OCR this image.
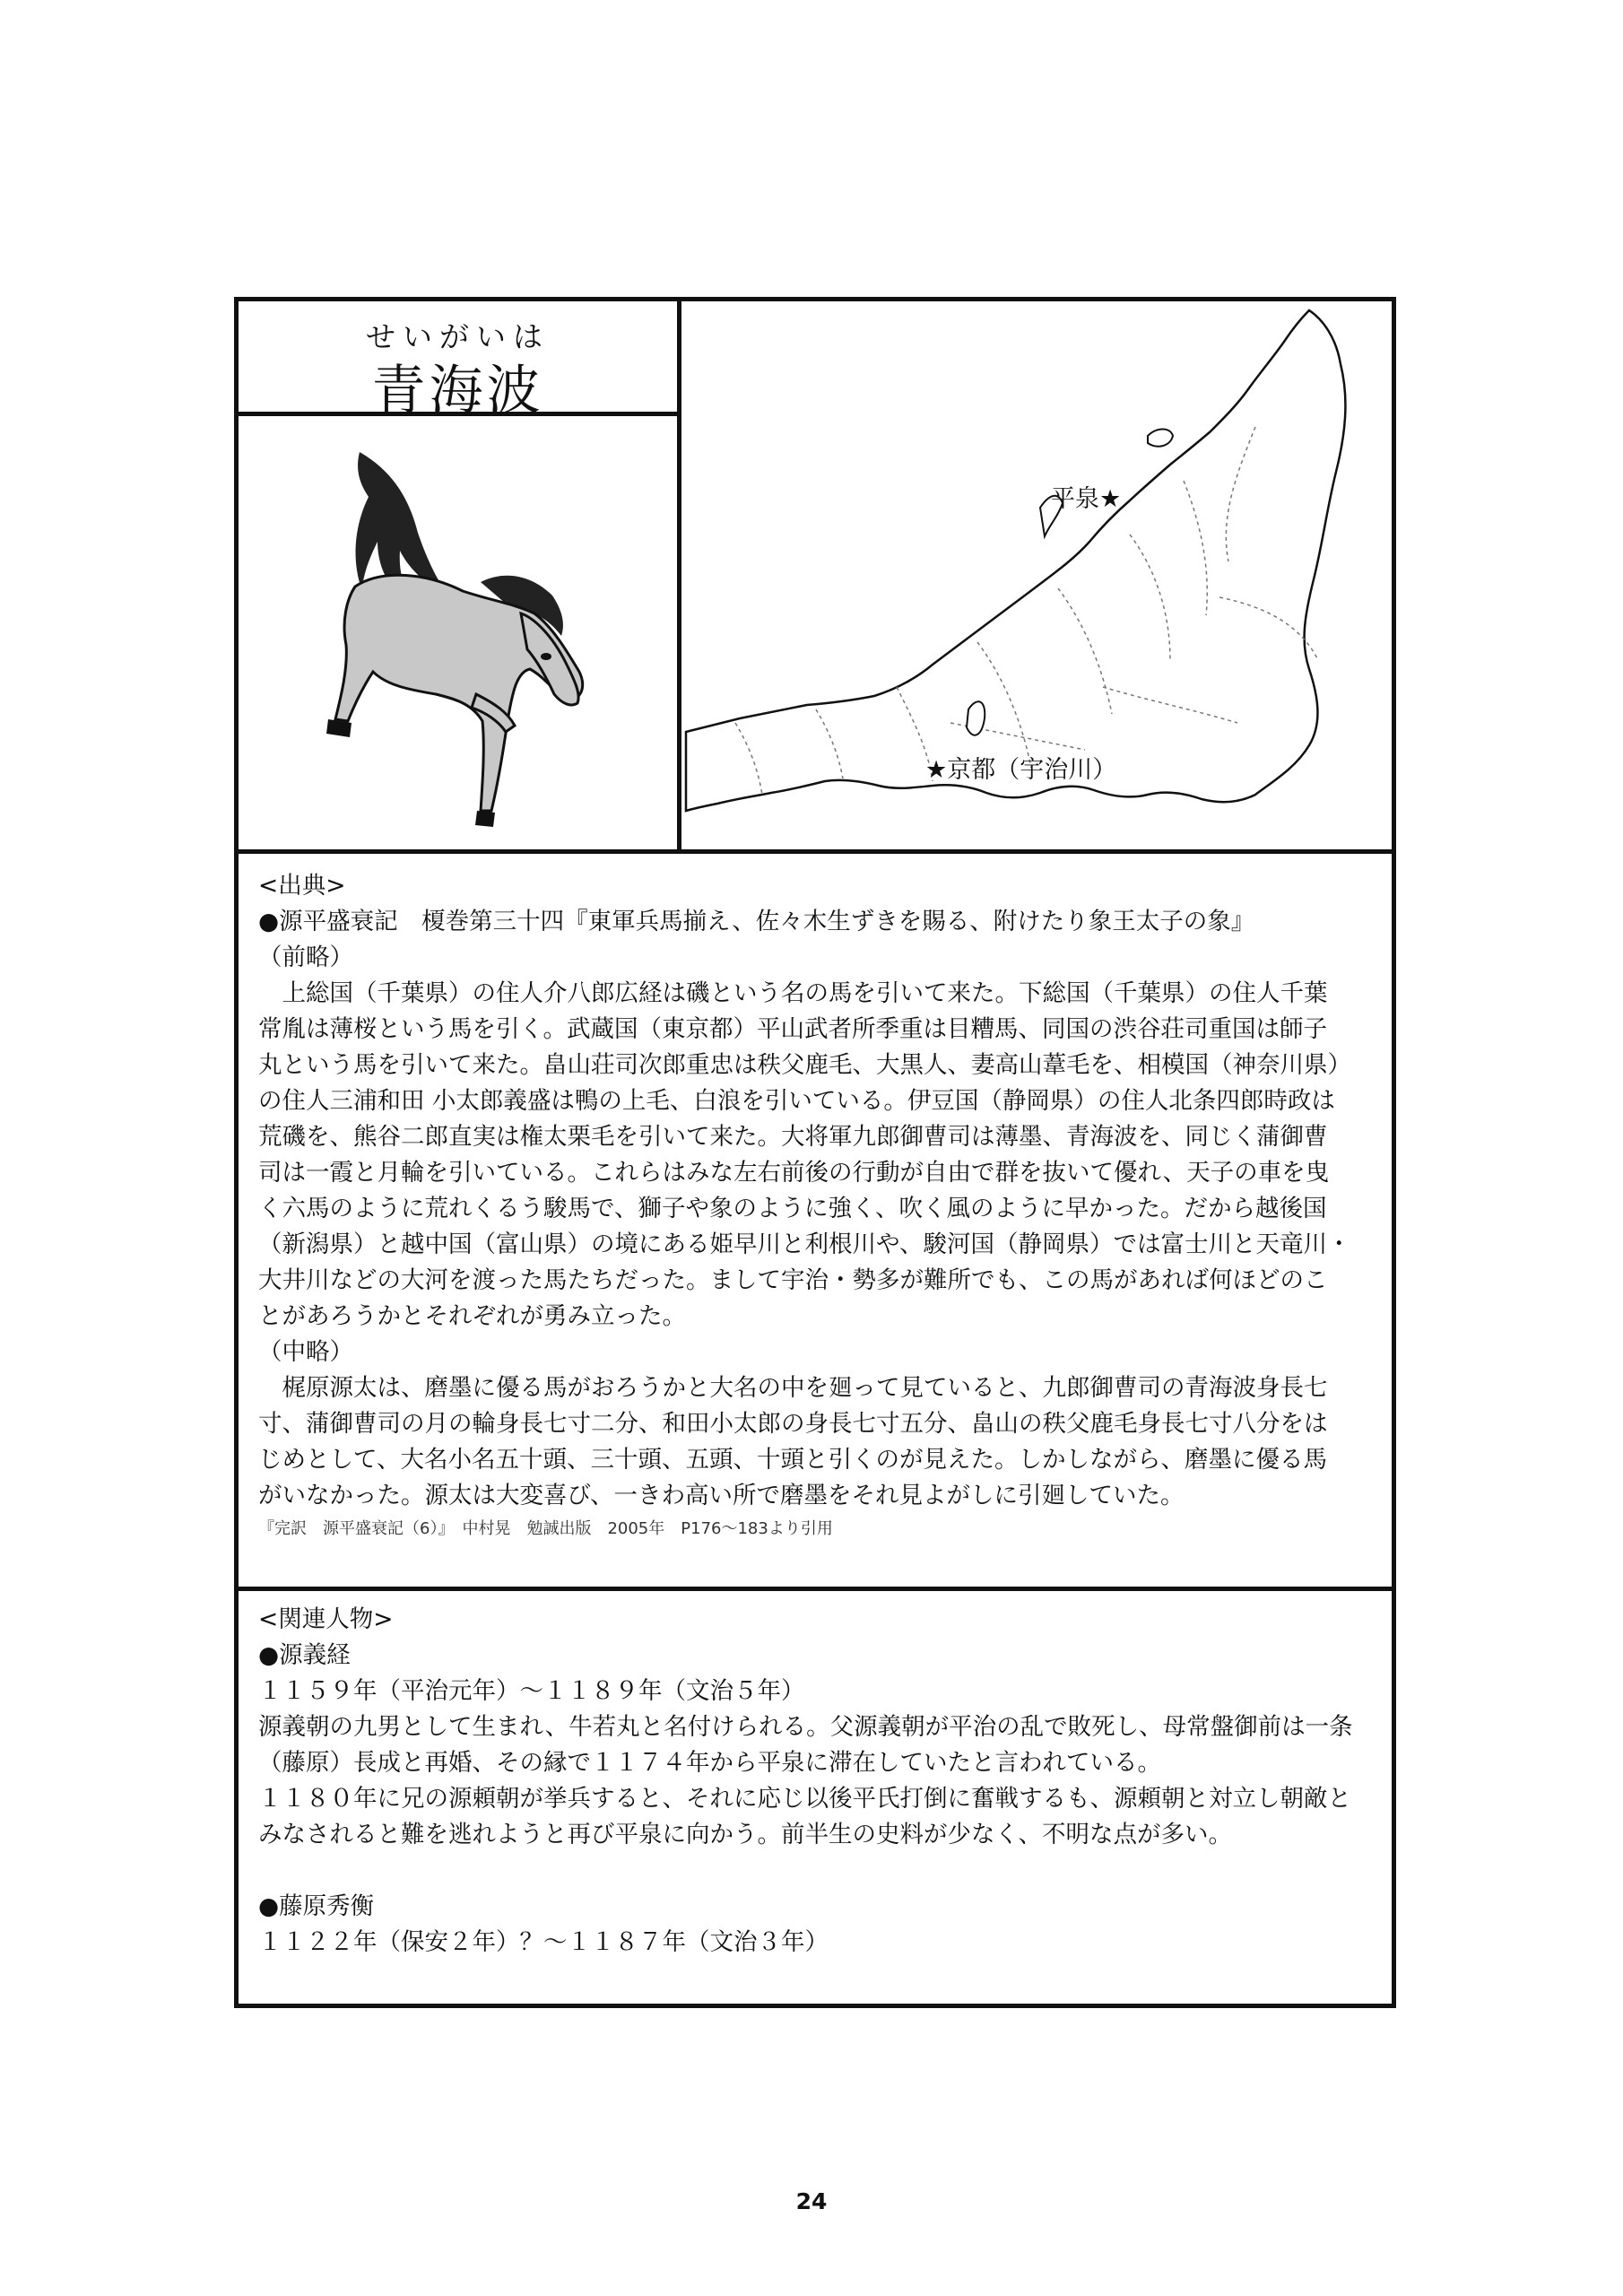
せいがいは
青海波
平泉★
★京都（宇治川）
<出典>
●源平盛衰記　榎巻第三十四『東軍兵馬揃え、佐々木生ずきを賜る、附けたり象王太子の象』
（前略）
　上総国（千葉県）の住人介八郎広経は磯という名の馬を引いて来た。下総国（千葉県）の住人千葉
常胤は薄桜という馬を引く。武蔵国（東京都）平山武者所季重は目糟馬、同国の渋谷荘司重国は師子
丸という馬を引いて来た。畠山荘司次郎重忠は秩父鹿毛、大黒人、妻高山葦毛を、相模国（神奈川県）
の住人三浦和田 小太郎義盛は鴨の上毛、白浪を引いている。伊豆国（静岡県）の住人北条四郎時政は
荒磯を、熊谷二郎直実は権太栗毛を引いて来た。大将軍九郎御曹司は薄墨、青海波を、同じく蒲御曹
司は一霞と月輪を引いている。これらはみな左右前後の行動が自由で群を抜いて優れ、天子の車を曳
く六馬のように荒れくるう駿馬で、獅子や象のように強く、吹く風のように早かった。だから越後国
（新潟県）と越中国（富山県）の境にある姫早川と利根川や、駿河国（静岡県）では富士川と天竜川・
大井川などの大河を渡った馬たちだった。まして宇治・勢多が難所でも、この馬があれば何ほどのこ
とがあろうかとそれぞれが勇み立った。
（中略）
　梶原源太は、磨墨に優る馬がおろうかと大名の中を廻って見ていると、九郎御曹司の青海波身長七
寸、蒲御曹司の月の輪身長七寸二分、和田小太郎の身長七寸五分、畠山の秩父鹿毛身長七寸八分をは
じめとして、大名小名五十頭、三十頭、五頭、十頭と引くのが見えた。しかしながら、磨墨に優る馬
がいなかった。源太は大変喜び、一きわ高い所で磨墨をそれ見よがしに引廻していた。
『完訳　源平盛衰記（6）』　中村晃　勉誠出版　2005年　P176～183より引用
<関連人物>
●源義経
１１５９年（平治元年）～１１８９年（文治５年）
源義朝の九男として生まれ、牛若丸と名付けられる。父源義朝が平治の乱で敗死し、母常盤御前は一条
（藤原）長成と再婚、その縁で１１７４年から平泉に滞在していたと言われている。
１１８０年に兄の源頼朝が挙兵すると、それに応じ以後平氏打倒に奮戦するも、源頼朝と対立し朝敵と
みなされると難を逃れようと再び平泉に向かう。前半生の史料が少なく、不明な点が多い。
●藤原秀衡
１１２２年（保安２年）？～１１８７年（文治３年）
24
